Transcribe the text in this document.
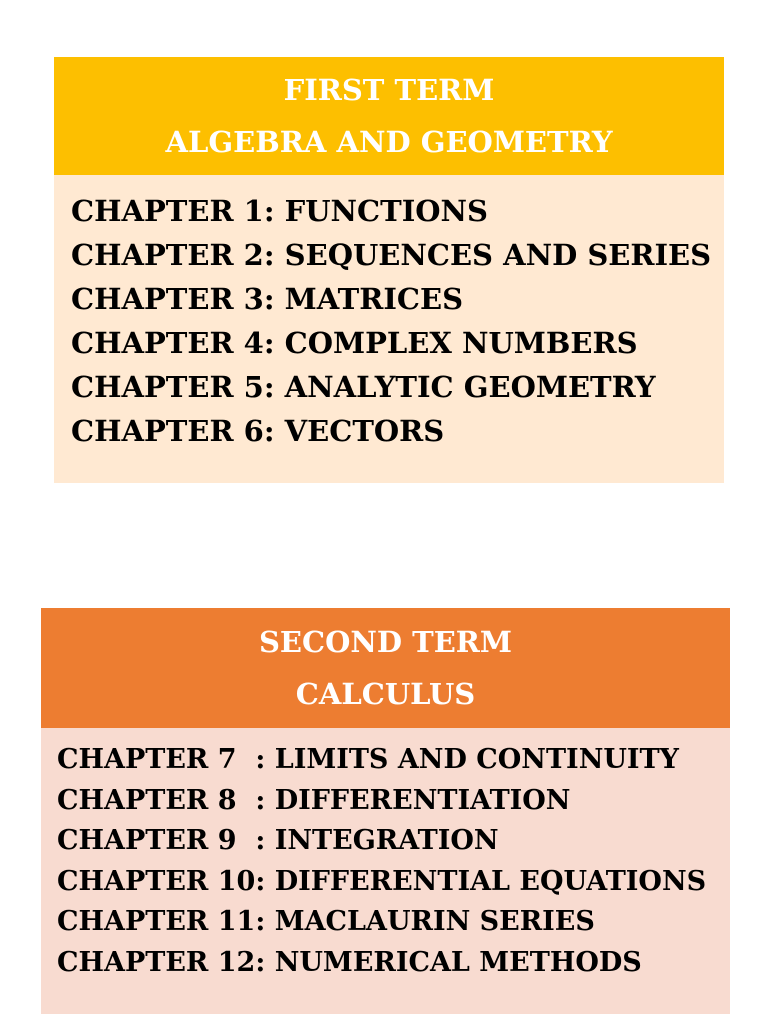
FIRST TERM
ALGEBRA AND GEOMETRY
CHAPTER 1: FUNCTIONS
CHAPTER 2: SEQUENCES AND SERIES
CHAPTER 3: MATRICES
CHAPTER 4: COMPLEX NUMBERS
CHAPTER 5: ANALYTIC GEOMETRY
CHAPTER 6: VECTORS
SECOND TERM
CALCULUS
CHAPTER 7  : LIMITS AND CONTINUITY
CHAPTER 8  : DIFFERENTIATION
CHAPTER 9  : INTEGRATION
CHAPTER 10: DIFFERENTIAL EQUATIONS
CHAPTER 11: MACLAURIN SERIES
CHAPTER 12: NUMERICAL METHODS
